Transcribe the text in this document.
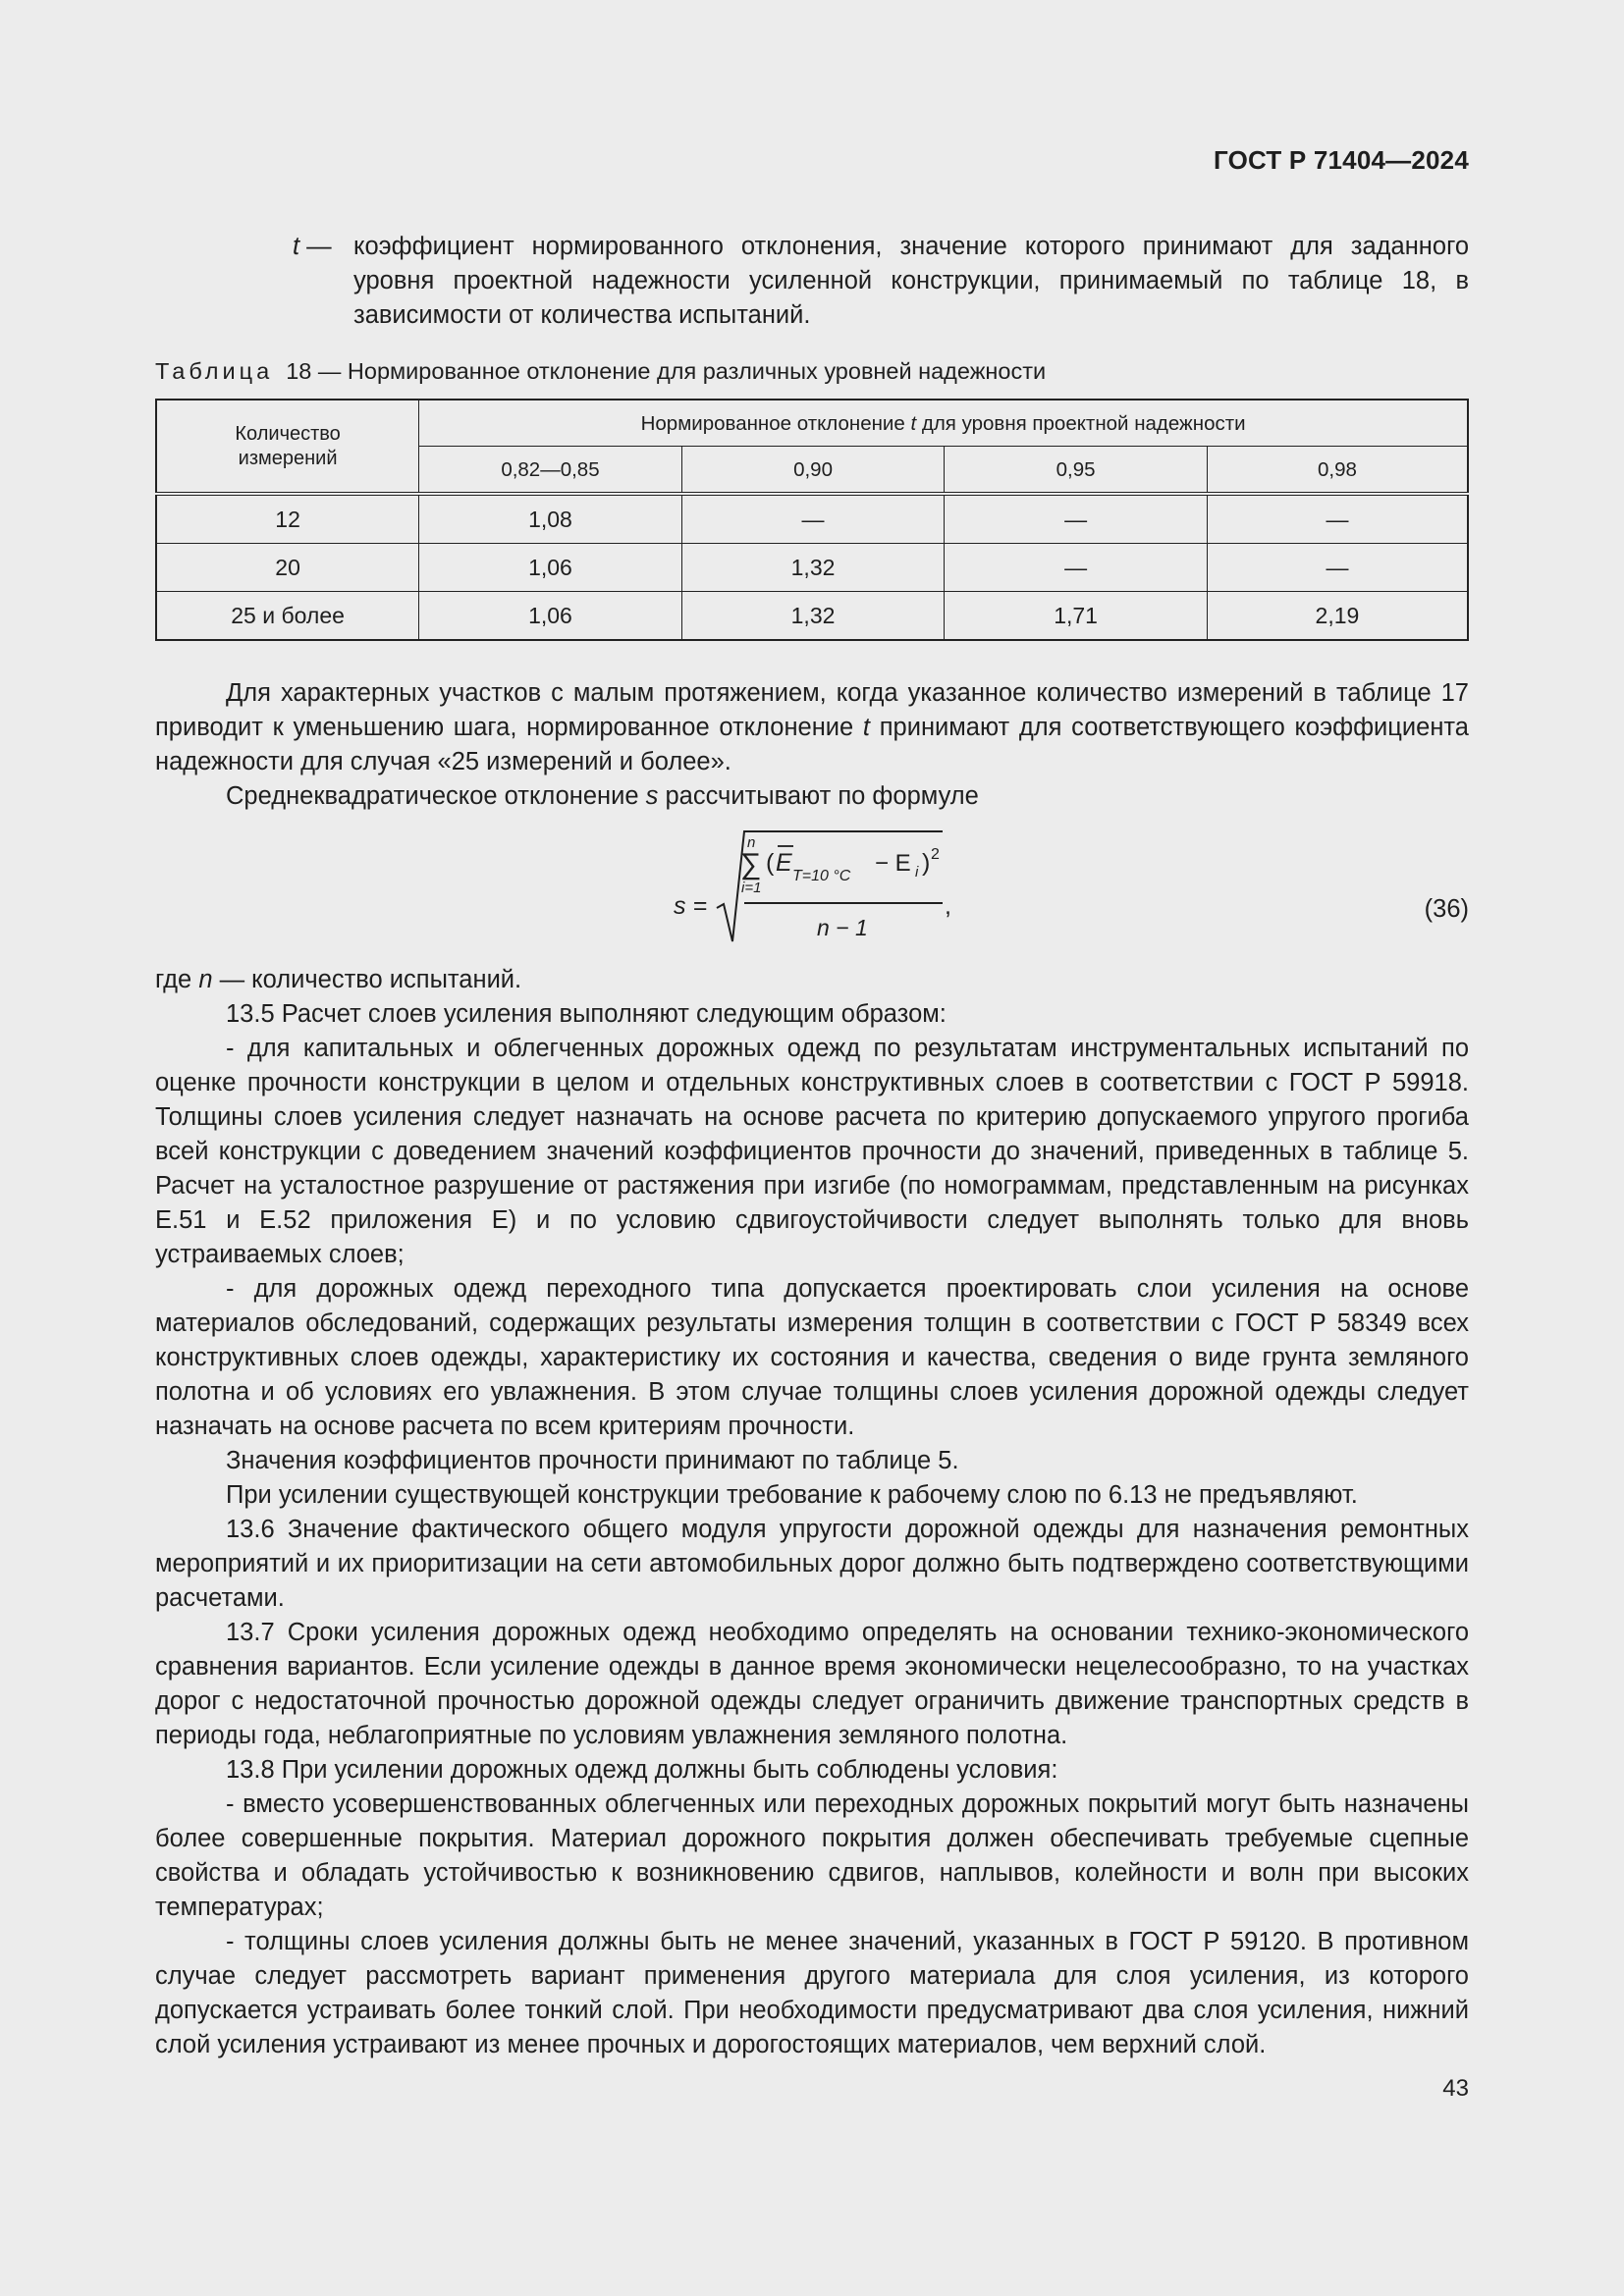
ГОСТ Р 71404—2024
t — коэффициент нормированного отклонения, значение которого принимают для заданного уровня проектной надежности усиленной конструкции, принимаемый по таблице 18, в зависимости от количества испытаний.
Таблица 18 — Нормированное отклонение для различных уровней надежности
Количество
измерений	Нормированное отклонение t для уровня проектной надежности			
	0,82—0,85	0,90	0,95	0,98
12	1,08	—	—	—
20	1,06	1,32	—	—
25 и более	1,06	1,32	1,71	2,19

Для характерных участков с малым протяжением, когда указанное количество измерений в таблице 17 приводит к уменьшению шага, нормированное отклонение t принимают для соответствующего коэффициента надежности для случая «25 измерений и более».

Среднеквадратическое отклонение s рассчитывают по формуле

s =
n
∑
i=1
( E T=10 °C − E i ) 2
n − 1
,	(36)

где n — количество испытаний.

13.5 Расчет слоев усиления выполняют следующим образом:

- для капитальных и облегченных дорожных одежд по результатам инструментальных испытаний по оценке прочности конструкции в целом и отдельных конструктивных слоев в соответствии с ГОСТ Р 59918. Толщины слоев усиления следует назначать на основе расчета по критерию допускаемого упругого прогиба всей конструкции с доведением значений коэффициентов прочности до значений, приведенных в таблице 5. Расчет на усталостное разрушение от растяжения при изгибе (по номограммам, представленным на рисунках Е.51 и Е.52 приложения Е) и по условию сдвигоустойчивости следует выполнять только для вновь устраиваемых слоев;

- для дорожных одежд переходного типа допускается проектировать слои усиления на основе материалов обследований, содержащих результаты измерения толщин в соответствии с ГОСТ Р 58349 всех конструктивных слоев одежды, характеристику их состояния и качества, сведения о виде грунта земляного полотна и об условиях его увлажнения. В этом случае толщины слоев усиления дорожной одежды следует назначать на основе расчета по всем критериям прочности.

Значения коэффициентов прочности принимают по таблице 5.

При усилении существующей конструкции требование к рабочему слою по 6.13 не предъявляют.

13.6 Значение фактического общего модуля упругости дорожной одежды для назначения ремонтных мероприятий и их приоритизации на сети автомобильных дорог должно быть подтверждено соответствующими расчетами.

13.7 Сроки усиления дорожных одежд необходимо определять на основании технико-экономического сравнения вариантов. Если усиление одежды в данное время экономически нецелесообразно, то на участках дорог с недостаточной прочностью дорожной одежды следует ограничить движение транспортных средств в периоды года, неблагоприятные по условиям увлажнения земляного полотна.

13.8 При усилении дорожных одежд должны быть соблюдены условия:

- вместо усовершенствованных облегченных или переходных дорожных покрытий могут быть назначены более совершенные покрытия. Материал дорожного покрытия должен обеспечивать требуемые сцепные свойства и обладать устойчивостью к возникновению сдвигов, наплывов, колейности и волн при высоких температурах;

- толщины слоев усиления должны быть не менее значений, указанных в ГОСТ Р 59120. В противном случае следует рассмотреть вариант применения другого материала для слоя усиления, из которого допускается устраивать более тонкий слой. При необходимости предусматривают два слоя усиления, нижний слой усиления устраивают из менее прочных и дорогостоящих материалов, чем верхний слой.

43
